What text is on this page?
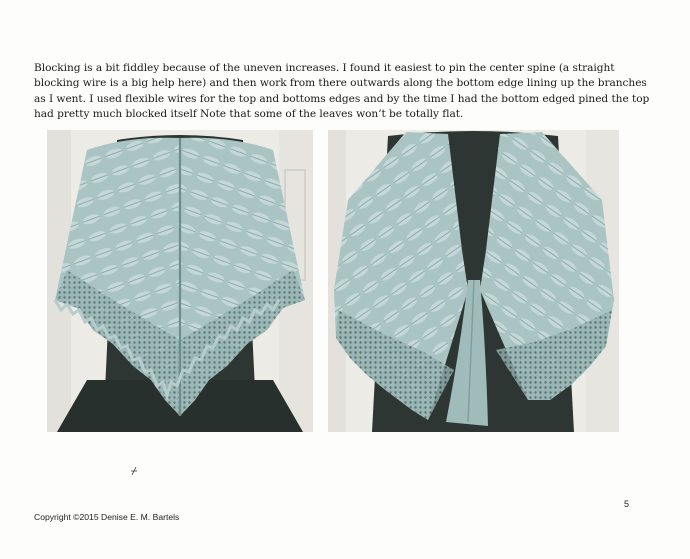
Blocking is a bit fiddley because of the uneven increases. I found it easiest to pin the center spine (a straight blocking wire is a big help here) and then work from there outwards along the bottom edge lining up the branches as I went. I used flexible wires for the top and bottoms edges and by the time I had the bottom edged pined the top had pretty much blocked itself Note that some of the leaves won’t be totally flat.

5
Copyright ©2015 Denise E. M. Bartels
